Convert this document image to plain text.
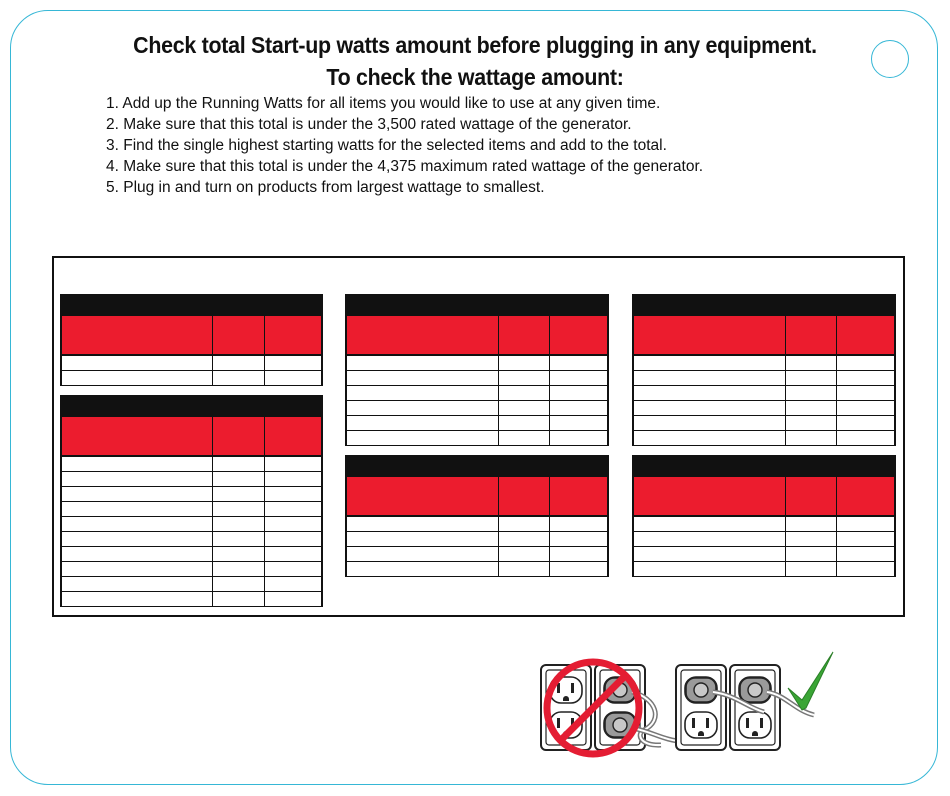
Check total Start-up watts amount before plugging in any equipment.
To check the wattage amount:
1. Add up the Running Watts for all items you would like to use at any given time.
2. Make sure that this total is under the 3,500 rated wattage of the generator.
3. Find the single highest starting watts for the selected items and add to the total.
4. Make sure that this total is under the 4,375 maximum rated wattage of the generator.
5. Plug in and turn on products from largest wattage to smallest.
